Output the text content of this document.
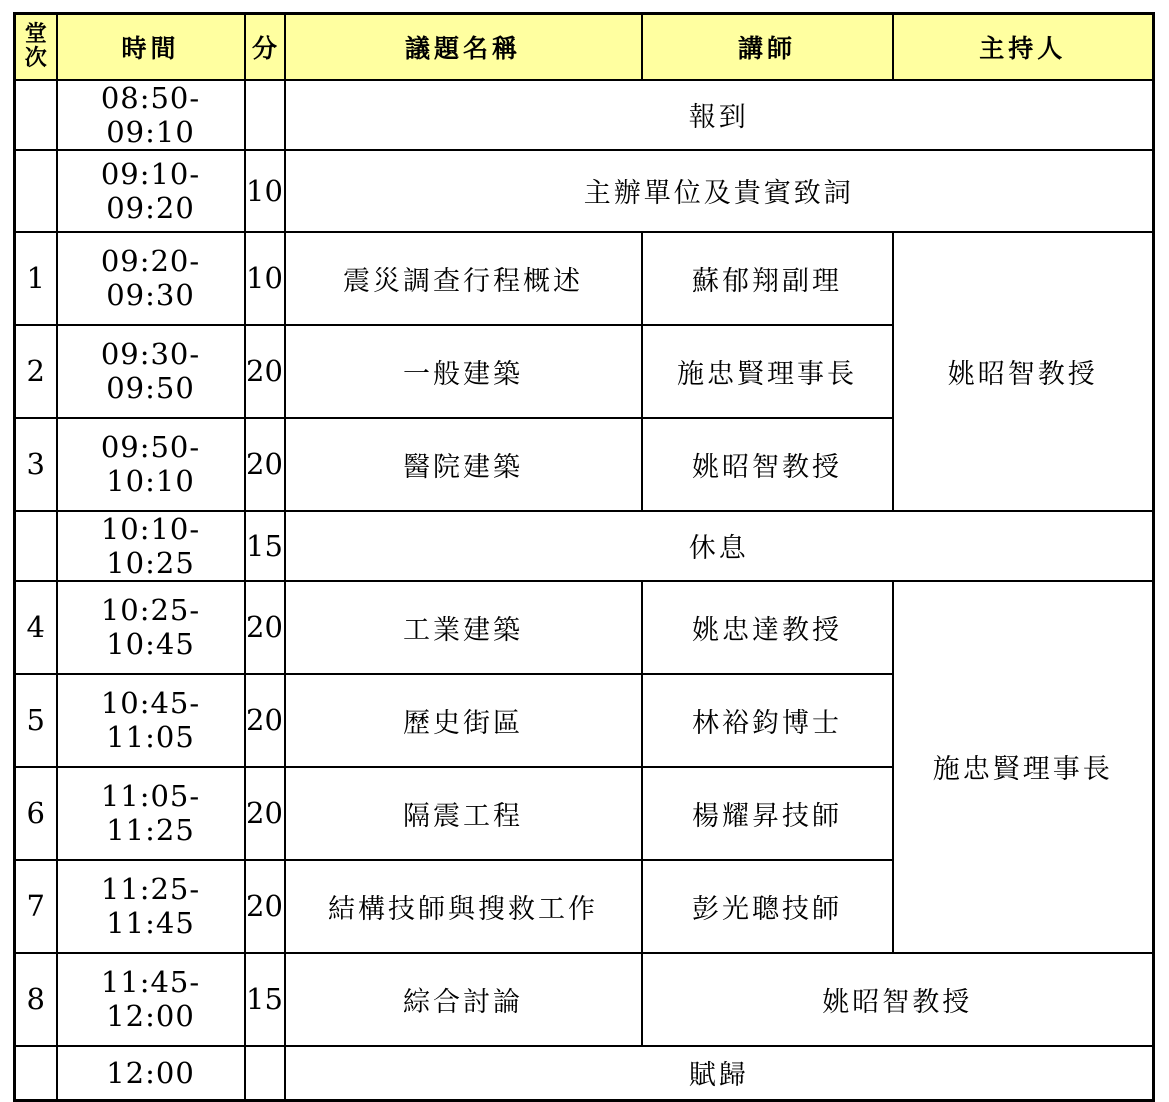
堂
次	時間	分	議題名稱	講師	主持人
	08:50-09:10		報到		
	09:10-09:20	10	主辦單位及貴賓致詞		
1	09:20-09:30	10	震災調查行程概述	蘇郁翔副理	姚昭智教授
2	09:30-09:50	20	一般建築	施忠賢理事長	
3	09:50-10:10	20	醫院建築	姚昭智教授	
	10:10-10:25	15	休息		
4	10:25-10:45	20	工業建築	姚忠達教授	施忠賢理事長
5	10:45-11:05	20	歷史街區	林裕鈞博士	
6	11:05-11:25	20	隔震工程	楊耀昇技師	
7	11:25-11:45	20	結構技師與搜救工作	彭光聰技師	
8	11:45-12:00	15	綜合討論	姚昭智教授	
	12:00		賦歸		
